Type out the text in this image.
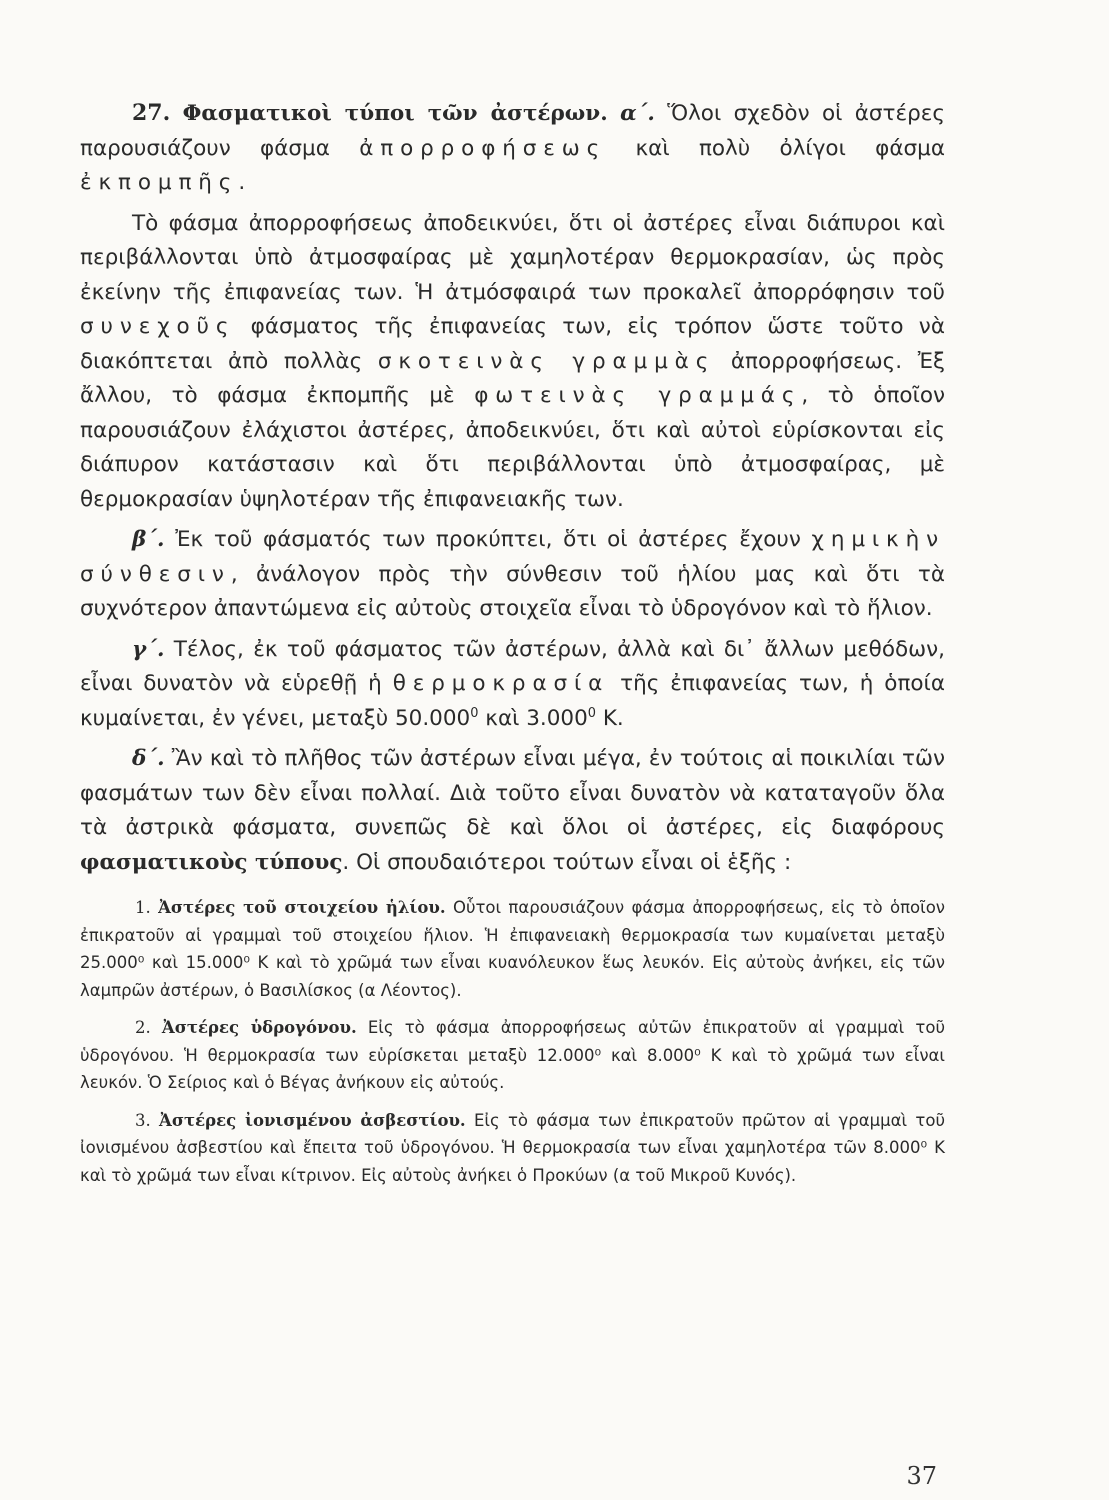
27. Φασματικοὶ τύποι τῶν ἀστέρων. α΄. Ὅλοι σχεδὸν οἱ ἀστέρες παρουσιάζουν φάσμα ἀπορροφήσεως καὶ πολὺ ὀλίγοι φάσμα ἐκπομπῆς.

Τὸ φάσμα ἀπορροφήσεως ἀποδεικνύει, ὅτι οἱ ἀστέρες εἶναι διάπυροι καὶ περιβάλλονται ὑπὸ ἀτμοσφαίρας μὲ χαμηλοτέραν θερμοκρασίαν, ὡς πρὸς ἐκείνην τῆς ἐπιφανείας των. Ἡ ἀτμόσφαιρά των προκαλεῖ ἀπορρόφησιν τοῦ συνεχοῦς φάσματος τῆς ἐπιφανείας των, εἰς τρόπον ὥστε τοῦτο νὰ διακόπτεται ἀπὸ πολλὰς σκοτεινὰς γραμμὰς ἀπορροφήσεως. Ἐξ ἄλλου, τὸ φάσμα ἐκπομπῆς μὲ φωτεινὰς γραμμάς, τὸ ὁποῖον παρουσιάζουν ἐλάχιστοι ἀστέρες, ἀποδεικνύει, ὅτι καὶ αὐτοὶ εὑρίσκονται εἰς διάπυρον κατάστασιν καὶ ὅτι περιβάλλονται ὑπὸ ἀτμοσφαίρας, μὲ θερμοκρασίαν ὑψηλοτέραν τῆς ἐπιφανειακῆς των.

β΄. Ἐκ τοῦ φάσματός των προκύπτει, ὅτι οἱ ἀστέρες ἔχουν χημικὴν σύνθεσιν, ἀνάλογον πρὸς τὴν σύνθεσιν τοῦ ἡλίου μας καὶ ὅτι τὰ συχνότερον ἀπαντώμενα εἰς αὐτοὺς στοιχεῖα εἶναι τὸ ὑδρογόνον καὶ τὸ ἥλιον.

γ΄. Τέλος, ἐκ τοῦ φάσματος τῶν ἀστέρων, ἀλλὰ καὶ δι᾽ ἄλλων μεθόδων, εἶναι δυνατὸν νὰ εὑρεθῇ ἡ θερμοκρασία τῆς ἐπιφανείας των, ἡ ὁποία κυμαίνεται, ἐν γένει, μεταξὺ 50.000$^0$ καὶ 3.000$^0$ Κ.

δ΄. Ἂν καὶ τὸ πλῆθος τῶν ἀστέρων εἶναι μέγα, ἐν τούτοις αἱ ποικιλίαι τῶν φασμάτων των δὲν εἶναι πολλαί. Διὰ τοῦτο εἶναι δυνατὸν νὰ καταταγοῦν ὅλα τὰ ἀστρικὰ φάσματα, συνεπῶς δὲ καὶ ὅλοι οἱ ἀστέρες, εἰς διαφόρους φασματικοὺς τύπους. Οἱ σπουδαιότεροι τούτων εἶναι οἱ ἑξῆς :

1. Ἀστέρες τοῦ στοιχείου ἡλίου. Οὗτοι παρουσιάζουν φάσμα ἀπορροφήσεως, εἰς τὸ ὁποῖον ἐπικρατοῦν αἱ γραμμαὶ τοῦ στοιχείου ἥλιον. Ἡ ἐπιφανειακὴ θερμοκρασία των κυμαίνεται μεταξὺ 25.000⁰ καὶ 15.000⁰ Κ καὶ τὸ χρῶμά των εἶναι κυανόλευκον ἕως λευκόν. Εἰς αὐτοὺς ἀνήκει, εἰς τῶν λαμπρῶν ἀστέρων, ὁ Βασιλίσκος (α Λέοντος).

2. Ἀστέρες ὑδρογόνου. Εἰς τὸ φάσμα ἀπορροφήσεως αὐτῶν ἐπικρατοῦν αἱ γραμμαὶ τοῦ ὑδρογόνου. Ἡ θερμοκρασία των εὑρίσκεται μεταξὺ 12.000⁰ καὶ 8.000⁰ Κ καὶ τὸ χρῶμά των εἶναι λευκόν. Ὁ Σείριος καὶ ὁ Βέγας ἀνήκουν εἰς αὐτούς.

3. Ἀστέρες ἰονισμένου ἀσβεστίου. Εἰς τὸ φάσμα των ἐπικρατοῦν πρῶτον αἱ γραμμαὶ τοῦ ἰονισμένου ἀσβεστίου καὶ ἔπειτα τοῦ ὑδρογόνου. Ἡ θερμοκρασία των εἶναι χαμηλοτέρα τῶν 8.000⁰ Κ καὶ τὸ χρῶμά των εἶναι κίτρινον. Εἰς αὐτοὺς ἀνήκει ὁ Προκύων (α τοῦ Μικροῦ Κυνός).

37
